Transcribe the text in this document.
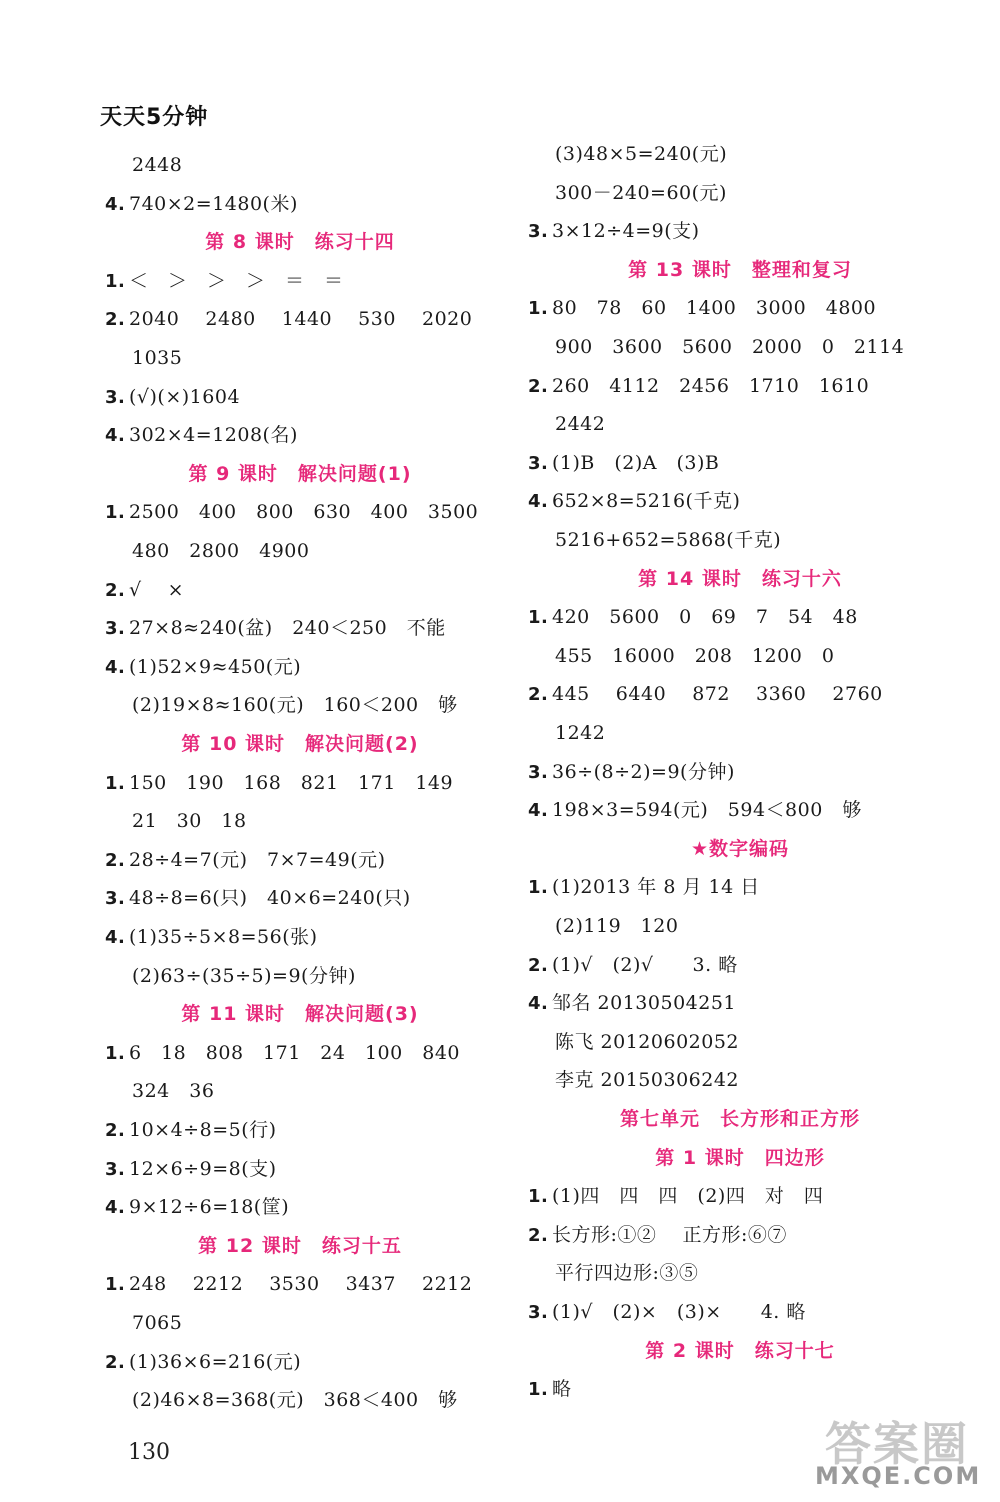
天天5分钟
2448
4. 740×2=1480(米)
第 8 课时　练习十四
1. ＜　＞　＞　＞　＝　＝
2. 2040　 2480　 1440　 530　 2020
1035
3. (√)(×)1604
4. 302×4=1208(名)
第 9 课时　解决问题(1)
1. 2500　400　800　630　400　3500
480　2800　4900
2. √　 ×
3. 27×8≈240(盆)　240＜250　不能
4. (1)52×9≈450(元)
(2)19×8≈160(元)　160＜200　够
第 10 课时　解决问题(2)
1. 150　190　168　821　171　149
21　30　18
2. 28÷4=7(元)　7×7=49(元)
3. 48÷8=6(只)　40×6=240(只)
4. (1)35÷5×8=56(张)
(2)63÷(35÷5)=9(分钟)
第 11 课时　解决问题(3)
1. 6　18　808　171　24　100　840
324　36
2. 10×4÷8=5(行)
3. 12×6÷9=8(支)
4. 9×12÷6=18(筐)
第 12 课时　练习十五
1. 248　 2212　 3530　 3437　 2212
7065
2. (1)36×6=216(元)
(2)46×8=368(元)　368＜400　够
(3)48×5=240(元)
300－240=60(元)
3. 3×12÷4=9(支)
第 13 课时　整理和复习
1. 80　78　60　1400　3000　4800
900　3600　5600　2000　0　2114
2. 260　4112　2456　1710　1610
2442
3. (1)B　(2)A　(3)B
4. 652×8=5216(千克)
5216+652=5868(千克)
第 14 课时　练习十六
1. 420　5600　0　69　7　54　48
455　16000　208　1200　0
2. 445　 6440　 872　 3360　 2760
1242
3. 36÷(8÷2)=9(分钟)
4. 198×3=594(元)　594＜800　够
★数字编码
1. (1)2013 年 8 月 14 日
(2)119　120
2. (1)√　(2)√　　3. 略
4. 邹名 20130504251
陈飞 20120602052
李克 20150306242
第七单元　长方形和正方形
第 1 课时　四边形
1. (1)四　四　四　(2)四　对　四
2. 长方形:①②　 正方形:⑥⑦
平行四边形:③⑤
3. (1)√　(2)×　(3)×　　4. 略
第 2 课时　练习十七
1. 略
130	答案圈
MXQE.COM
